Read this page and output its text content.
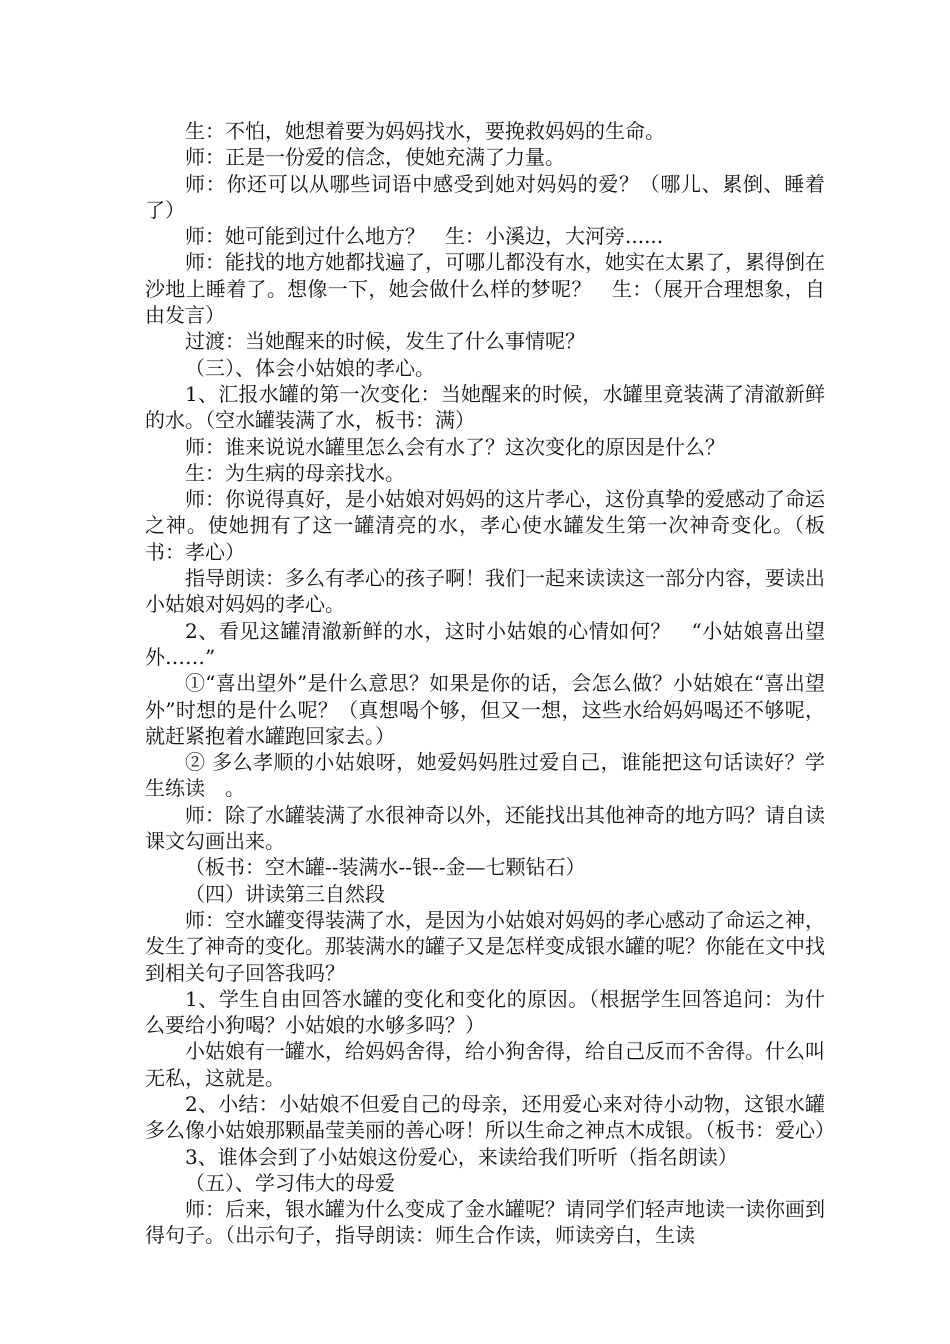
生：不怕，她想着要为妈妈找水，要挽救妈妈的生命。

师：正是一份爱的信念，使她充满了力量。

师：你还可以从哪些词语中感受到她对妈妈的爱？（哪儿、累倒、睡着了）

师：她可能到过什么地方？　生：小溪边，大河旁......

师：能找的地方她都找遍了，可哪儿都没有水，她实在太累了，累得倒在沙地上睡着了。想像一下，她会做什么样的梦呢？　生：（展开合理想象，自由发言）

过渡：当她醒来的时候，发生了什么事情呢？

（三）、体会小姑娘的孝心。

1、汇报水罐的第一次变化：当她醒来的时候，水罐里竟装满了清澈新鲜的水。（空水罐装满了水，板书：满）

师：谁来说说水罐里怎么会有水了？这次变化的原因是什么？

生：为生病的母亲找水。

师：你说得真好，是小姑娘对妈妈的这片孝心，这份真挚的爱感动了命运之神。使她拥有了这一罐清亮的水，孝心使水罐发生第一次神奇变化。（板书：孝心）

指导朗读：多么有孝心的孩子啊！我们一起来读读这一部分内容，要读出小姑娘对妈妈的孝心。

2、看见这罐清澈新鲜的水，这时小姑娘的心情如何？　“小姑娘喜出望外……”

①“喜出望外”是什么意思？如果是你的话，会怎么做？小姑娘在“喜出望外”时想的是什么呢？（真想喝个够，但又一想，这些水给妈妈喝还不够呢，就赶紧抱着水罐跑回家去。）

② 多么孝顺的小姑娘呀，她爱妈妈胜过爱自己，谁能把这句话读好？学生练读　。

师：除了水罐装满了水很神奇以外，还能找出其他神奇的地方吗？请自读课文勾画出来。

（板书：空木罐--装满水--银--金—七颗钻石）

（四）讲读第三自然段

师：空水罐变得装满了水，是因为小姑娘对妈妈的孝心感动了命运之神，发生了神奇的变化。那装满水的罐子又是怎样变成银水罐的呢？你能在文中找到相关句子回答我吗？

1、学生自由回答水罐的变化和变化的原因。（根据学生回答追问：为什么要给小狗喝？小姑娘的水够多吗？）

小姑娘有一罐水，给妈妈舍得，给小狗舍得，给自己反而不舍得。什么叫无私，这就是。

2、小结：小姑娘不但爱自己的母亲，还用爱心来对待小动物，这银水罐多么像小姑娘那颗晶莹美丽的善心呀！所以生命之神点木成银。（板书：爱心）

3、谁体会到了小姑娘这份爱心，来读给我们听听（指名朗读）

（五）、学习伟大的母爱

师：后来，银水罐为什么变成了金水罐呢？请同学们轻声地读一读你画到得句子。（出示句子，指导朗读：师生合作读，师读旁白，生读
